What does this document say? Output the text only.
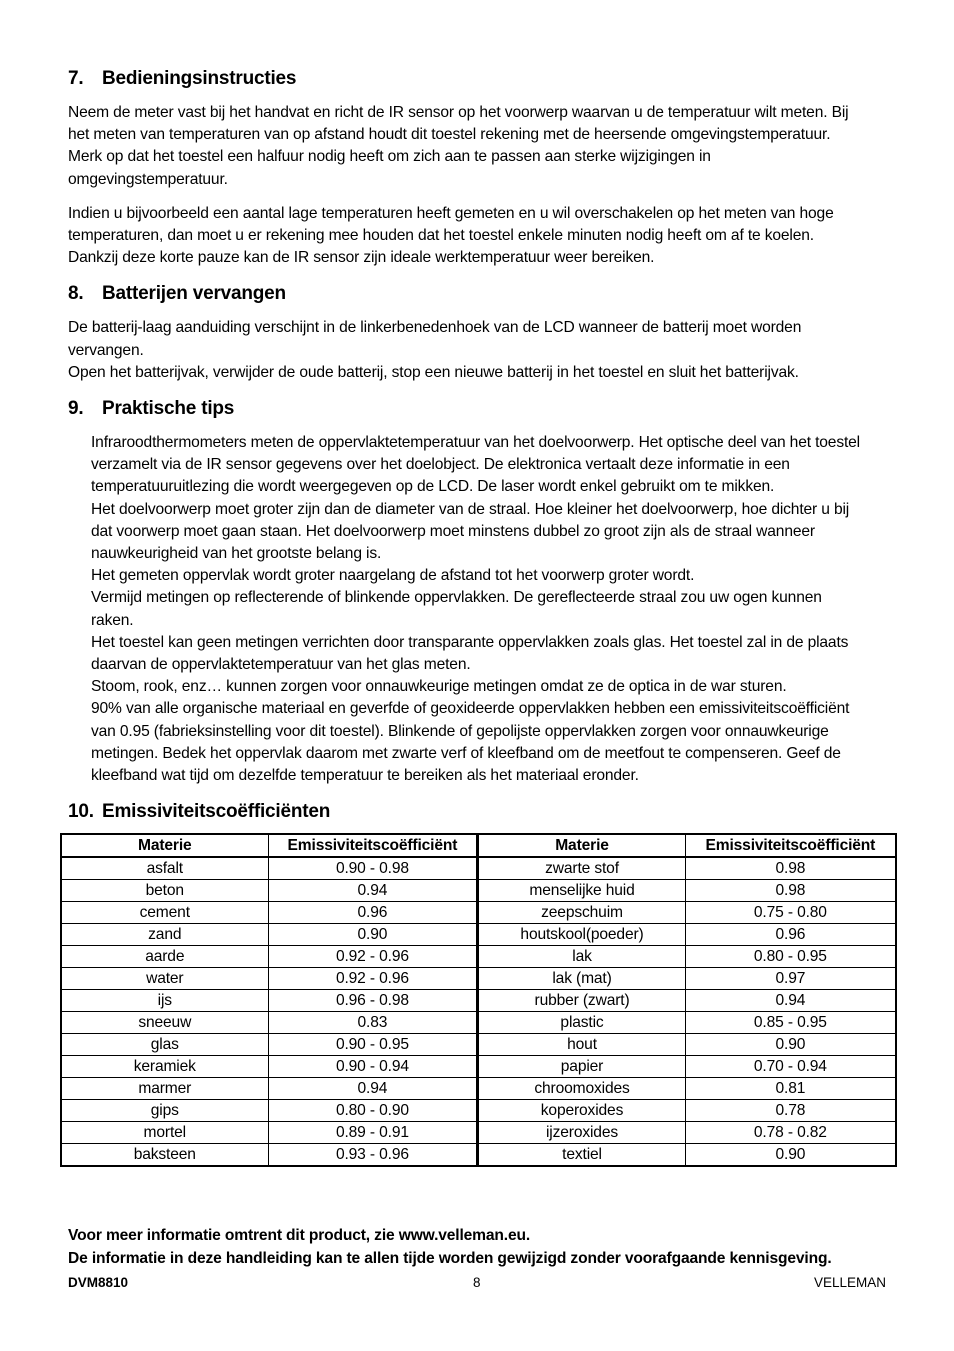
7. Bedieningsinstructies

Neem de meter vast bij het handvat en richt de IR sensor op het voorwerp waarvan u de temperatuur wilt meten. Bij
het meten van temperaturen van op afstand houdt dit toestel rekening met de heersende omgevingstemperatuur.
Merk op dat het toestel een halfuur nodig heeft om zich aan te passen aan sterke wijzigingen in
omgevingstemperatuur.

Indien u bijvoorbeeld een aantal lage temperaturen heeft gemeten en u wil overschakelen op het meten van hoge
temperaturen, dan moet u er rekening mee houden dat het toestel enkele minuten nodig heeft om af te koelen.
Dankzij deze korte pauze kan de IR sensor zijn ideale werktemperatuur weer bereiken.

8. Batterijen vervangen

De batterij-laag aanduiding verschijnt in de linkerbenedenhoek van de LCD wanneer de batterij moet worden
vervangen.
Open het batterijvak, verwijder de oude batterij, stop een nieuwe batterij in het toestel en sluit het batterijvak.

9. Praktische tips

Infraroodthermometers meten de oppervlaktetemperatuur van het doelvoorwerp. Het optische deel van het toestel
verzamelt via de IR sensor gegevens over het doelobject. De elektronica vertaalt deze informatie in een
temperatuuruitlezing die wordt weergegeven op de LCD. De laser wordt enkel gebruikt om te mikken.
Het doelvoorwerp moet groter zijn dan de diameter van de straal. Hoe kleiner het doelvoorwerp, hoe dichter u bij
dat voorwerp moet gaan staan. Het doelvoorwerp moet minstens dubbel zo groot zijn als de straal wanneer
nauwkeurigheid van het grootste belang is.
Het gemeten oppervlak wordt groter naargelang de afstand tot het voorwerp groter wordt.
Vermijd metingen op reflecterende of blinkende oppervlakken. De gereflecteerde straal zou uw ogen kunnen
raken.
Het toestel kan geen metingen verrichten door transparante oppervlakken zoals glas. Het toestel zal in de plaats
daarvan de oppervlaktetemperatuur van het glas meten.
Stoom, rook, enz… kunnen zorgen voor onnauwkeurige metingen omdat ze de optica in de war sturen.
90% van alle organische materiaal en geverfde of geoxideerde oppervlakken hebben een emissiviteitscoëfficiënt
van 0.95 (fabrieksinstelling voor dit toestel). Blinkende of gepolijste oppervlakken zorgen voor onnauwkeurige
metingen. Bedek het oppervlak daarom met zwarte verf of kleefband om de meetfout te compenseren. Geef de
kleefband wat tijd om dezelfde temperatuur te bereiken als het materiaal eronder.

10. Emissiviteitscoëfficiënten
Materie	Emissiviteitscoëfficiënt	Materie	Emissiviteitscoëfficiënt
asfalt	0.90 - 0.98	zwarte stof	0.98
beton	0.94	menselijke huid	0.98
cement	0.96	zeepschuim	0.75 - 0.80
zand	0.90	houtskool(poeder)	0.96
aarde	0.92 - 0.96	lak	0.80 - 0.95
water	0.92 - 0.96	lak (mat)	0.97
ijs	0.96 - 0.98	rubber (zwart)	0.94
sneeuw	0.83	plastic	0.85 - 0.95
glas	0.90 - 0.95	hout	0.90
keramiek	0.90 - 0.94	papier	0.70 - 0.94
marmer	0.94	chroomoxides	0.81
gips	0.80 - 0.90	koperoxides	0.78
mortel	0.89 - 0.91	ijzeroxides	0.78 - 0.82
baksteen	0.93 - 0.96	textiel	0.90

Voor meer informatie omtrent dit product, zie www.velleman.eu.

De informatie in deze handleiding kan te allen tijde worden gewijzigd zonder voorafgaande kennisgeving.

DVM8810	8	VELLEMAN
